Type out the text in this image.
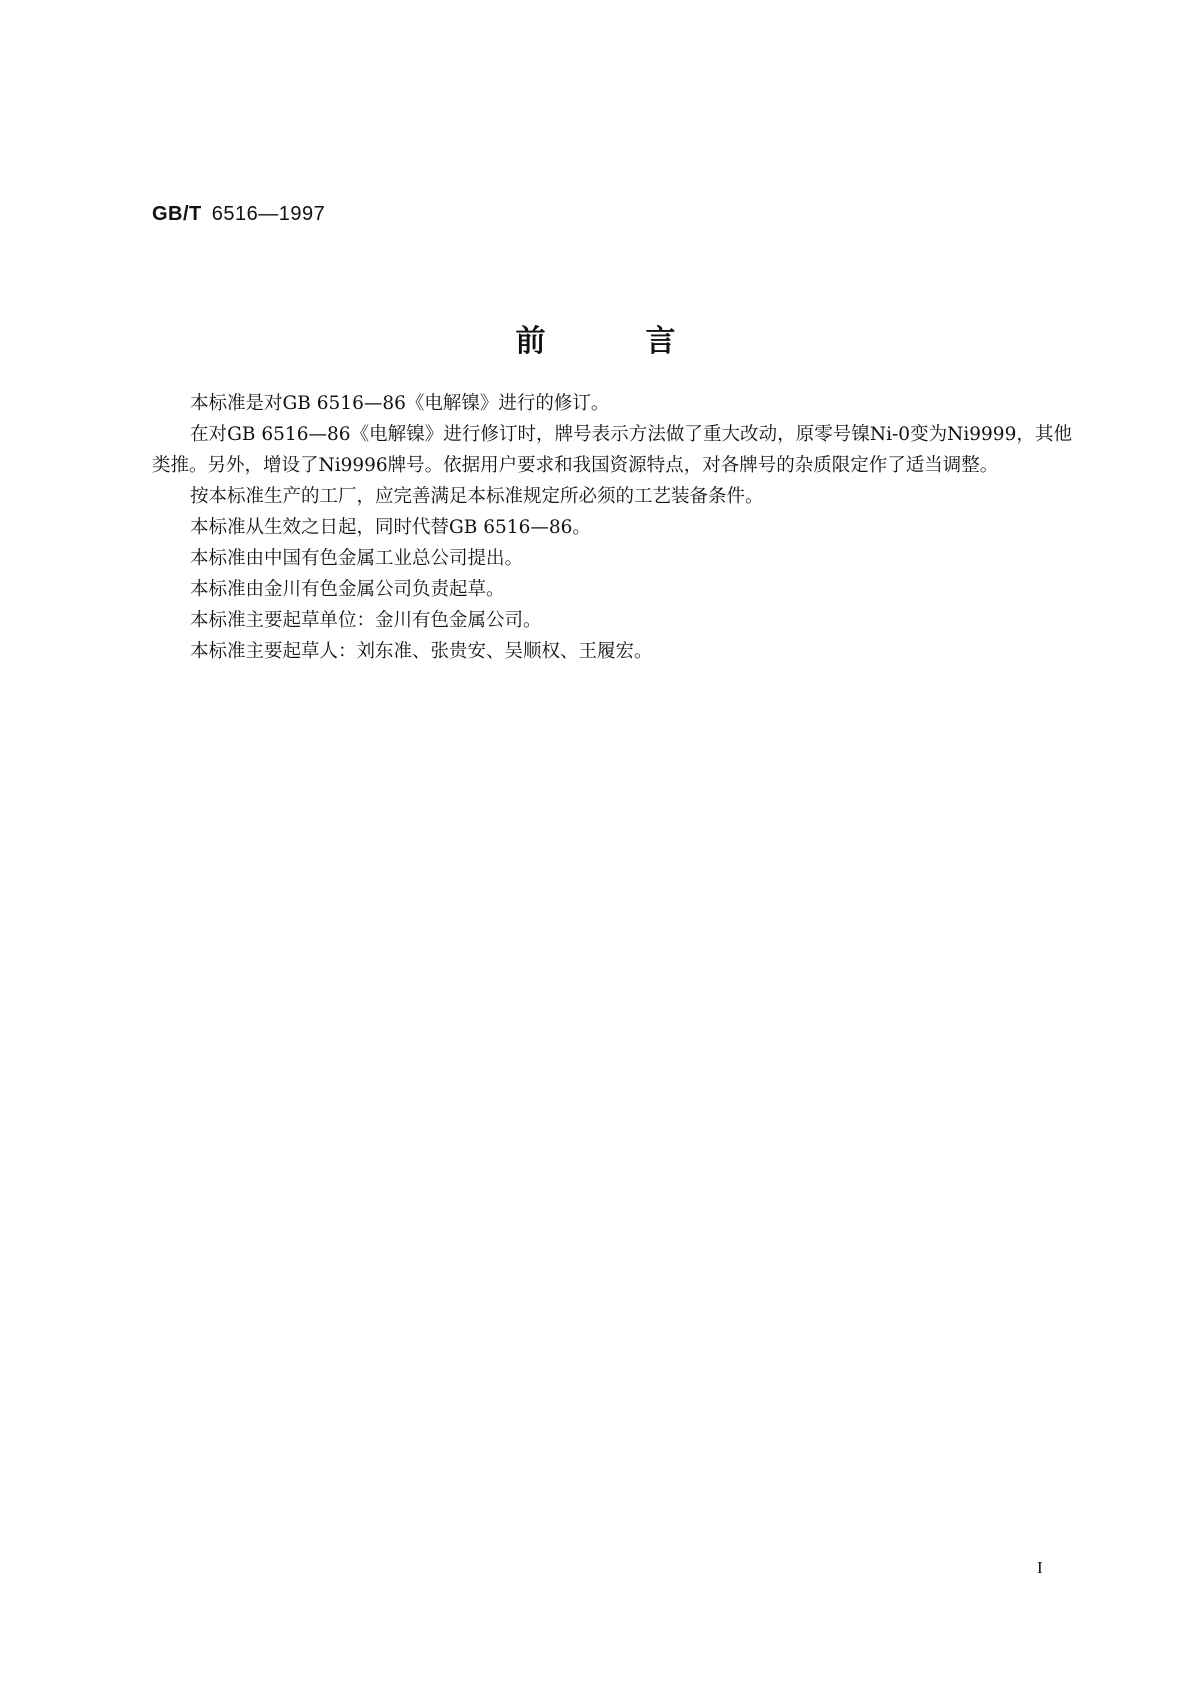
GB/T 6516—1997
前言

本标准是对GB 6516—86《电解镍》进行的修订。

在对GB 6516—86《电解镍》进行修订时，牌号表示方法做了重大改动，原零号镍Ni-0变为Ni9999，其他类推。另外，增设了Ni9996牌号。依据用户要求和我国资源特点，对各牌号的杂质限定作了适当调整。

按本标准生产的工厂，应完善满足本标准规定所必须的工艺装备条件。

本标准从生效之日起，同时代替GB 6516—86。

本标准由中国有色金属工业总公司提出。

本标准由金川有色金属公司负责起草。

本标准主要起草单位：金川有色金属公司。

本标准主要起草人：刘东准、张贵安、吴顺权、王履宏。

I
